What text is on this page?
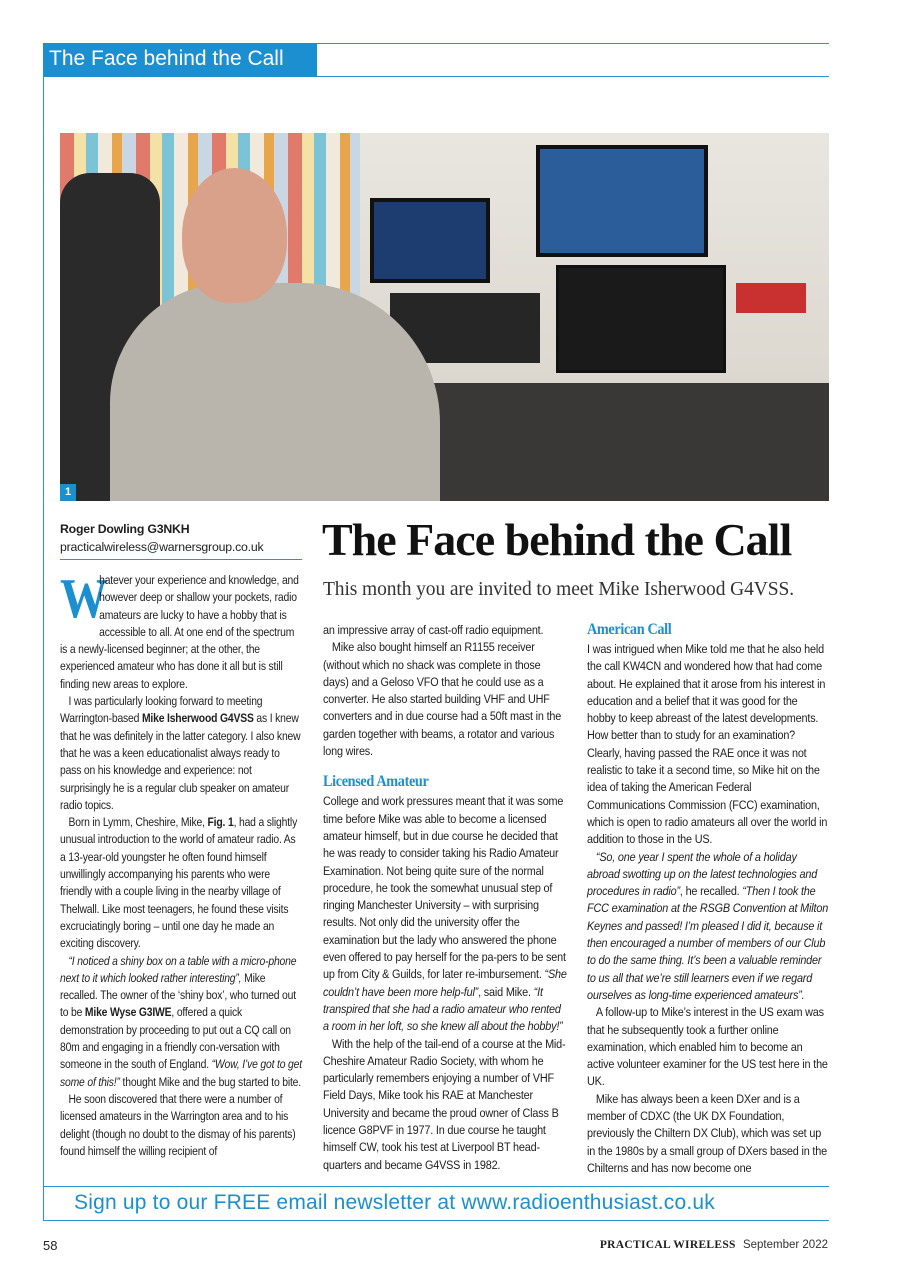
The Face behind the Call
1
Roger Dowling G3NKH
practicalwireless@warnersgroup.co.uk	The Face behind the Call
This month you are invited to meet Mike Isherwood G4VSS.
W

hatever your experience and knowledge, and however deep or shallow your pockets, radio amateurs are lucky to have a hobby that is accessible to all. At one end of the spectrum is a newly-licensed beginner; at the other, the experienced amateur who has done it all but is still finding new areas to explore.

I was particularly looking forward to meeting Warrington-based Mike Isherwood G4VSS as I knew that he was definitely in the latter category. I also knew that he was a keen educationalist always ready to pass on his knowledge and experience: not surprisingly he is a regular club speaker on amateur radio topics.

Born in Lymm, Cheshire, Mike, Fig. 1, had a slightly unusual introduction to the world of amateur radio. As a 13-year-old youngster he often found himself unwillingly accompanying his parents who were friendly with a couple living in the nearby village of Thelwall. Like most teenagers, he found these visits excruciatingly boring – until one day he made an exciting discovery.

“I noticed a shiny box on a table with a micro-phone next to it which looked rather interesting”, Mike recalled. The owner of the ‘shiny box’, who turned out to be Mike Wyse G3IWE, offered a quick demonstration by proceeding to put out a CQ call on 80m and engaging in a friendly con-versation with someone in the south of England. “Wow, I’ve got to get some of this!” thought Mike and the bug started to bite.

He soon discovered that there were a number of licensed amateurs in the Warrington area and to his delight (though no doubt to the dismay of his parents) found himself the willing recipient of

an impressive array of cast-off radio equipment.

Mike also bought himself an R1155 receiver (without which no shack was complete in those days) and a Geloso VFO that he could use as a converter. He also started building VHF and UHF converters and in due course had a 50ft mast in the garden together with beams, a rotator and various long wires.

Licensed Amateur

College and work pressures meant that it was some time before Mike was able to become a licensed amateur himself, but in due course he decided that he was ready to consider taking his Radio Amateur Examination. Not being quite sure of the normal procedure, he took the somewhat unusual step of ringing Manchester University – with surprising results. Not only did the university offer the examination but the lady who answered the phone even offered to pay herself for the pa-pers to be sent up from City & Guilds, for later re-imbursement. “She couldn’t have been more help-ful”, said Mike. “It transpired that she had a radio amateur who rented a room in her loft, so she knew all about the hobby!”

With the help of the tail-end of a course at the Mid-Cheshire Amateur Radio Society, with whom he particularly remembers enjoying a number of VHF Field Days, Mike took his RAE at Manchester University and became the proud owner of Class B licence G8PVF in 1977. In due course he taught himself CW, took his test at Liverpool BT head-quarters and became G4VSS in 1982.

American Call

I was intrigued when Mike told me that he also held the call KW4CN and wondered how that had come about. He explained that it arose from his interest in education and a belief that it was good for the hobby to keep abreast of the latest developments. How better than to study for an examination? Clearly, having passed the RAE once it was not realistic to take it a second time, so Mike hit on the idea of taking the American Federal Communications Commission (FCC) examination, which is open to radio amateurs all over the world in addition to those in the US.

“So, one year I spent the whole of a holiday abroad swotting up on the latest technologies and procedures in radio”, he recalled. “Then I took the FCC examination at the RSGB Convention at Milton Keynes and passed! I’m pleased I did it, because it then encouraged a number of members of our Club to do the same thing. It’s been a valuable reminder to us all that we’re still learners even if we regard ourselves as long-time experienced amateurs”.

A follow-up to Mike’s interest in the US exam was that he subsequently took a further online examination, which enabled him to become an active volunteer examiner for the US test here in the UK.

Mike has always been a keen DXer and is a member of CDXC (the UK DX Foundation, previously the Chiltern DX Club), which was set up in the 1980s by a small group of DXers based in the Chilterns and has now become one

Sign up to our FREE email newsletter at www.radioenthusiast.co.uk
58	PRACTICAL WIRELESS September 2022
